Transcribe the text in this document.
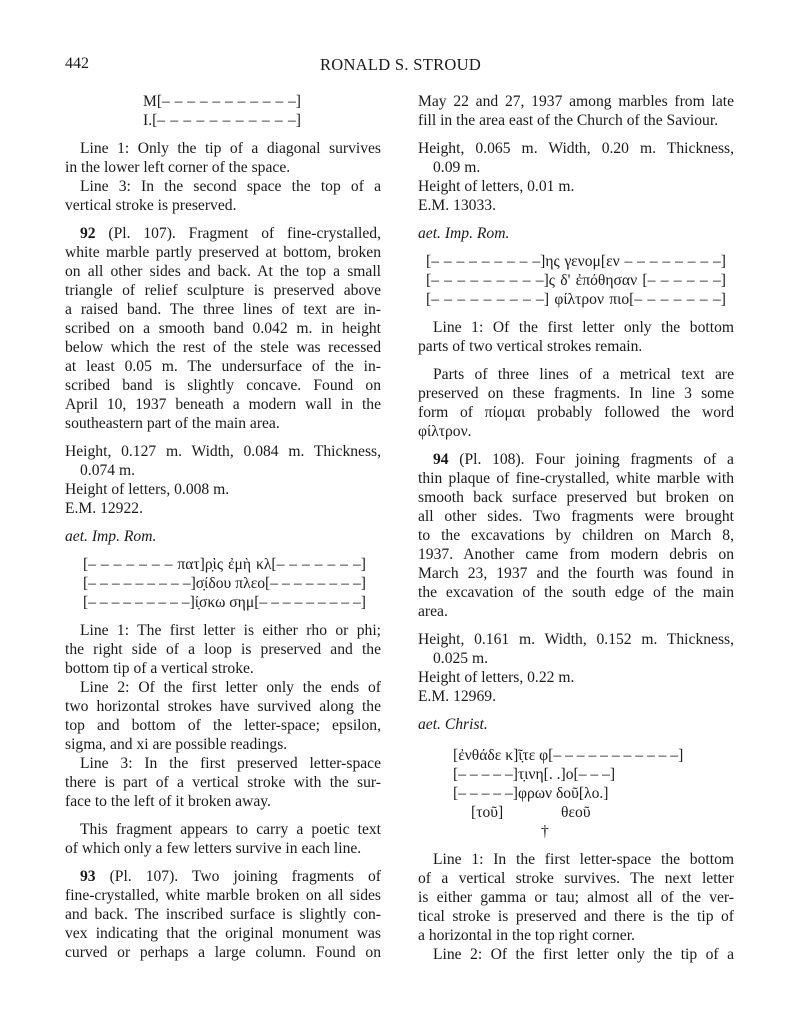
442	RONALD S. STROUD
M[– – – – – – – – – – –]
I.[– – – – – – – – – – –]
Line 1: Only the tip of a diagonal survives
in the lower left corner of the space.
Line 3: In the second space the top of a
vertical stroke is preserved.
92 (Pl. 107). Fragment of fine-crystalled,
white marble partly preserved at bottom, broken
on all other sides and back. At the top a small
triangle of relief sculpture is preserved above
a raised band. The three lines of text are in-
scribed on a smooth band 0.042 m. in height
below which the rest of the stele was recessed
at least 0.05 m. The undersurface of the in-
scribed band is slightly concave. Found on
April 10, 1937 beneath a modern wall in the
southeastern part of the main area.
Height, 0.127 m. Width, 0.084 m. Thickness,
0.074 m.
Height of letters, 0.008 m.
E.M. 12922.
aet. Imp. Rom.
[– – – – – – – πατ]ρ̣ὶς ἐμὴ κλ[– – – – – – –]
[– – – – – – – – –]σ̣ίδου πλεο[– – – – – – – –]
[– – – – – – – – –]ί̣σκω σημ[– – – – – – – – –]
Line 1: The first letter is either rho or phi;
the right side of a loop is preserved and the
bottom tip of a vertical stroke.
Line 2: Of the first letter only the ends of
two horizontal strokes have survived along the
top and bottom of the letter-space; epsilon,
sigma, and xi are possible readings.
Line 3: In the first preserved letter-space
there is part of a vertical stroke with the sur-
face to the left of it broken away.
This fragment appears to carry a poetic text
of which only a few letters survive in each line.
93 (Pl. 107). Two joining fragments of
fine-crystalled, white marble broken on all sides
and back. The inscribed surface is slightly con-
vex indicating that the original monument was
curved or perhaps a large column. Found on
May 22 and 27, 1937 among marbles from late
fill in the area east of the Church of the Saviour.
Height, 0.065 m. Width, 0.20 m. Thickness,
0.09 m.
Height of letters, 0.01 m.
E.M. 13033.
aet. Imp. Rom.
[– – – – – – – – –]ης γενομ[εν – – – – – – – –]
[– – – – – – – – –]ς δ' ἐπόθησαν [– – – – – –]
[– – – – – – – – –] φίλτρον πιο[– – – – – – –]
Line 1: Of the first letter only the bottom
parts of two vertical strokes remain.
Parts of three lines of a metrical text are
preserved on these fragments. In line 3 some
form of πίομαι probably followed the word
φίλτρον.
94 (Pl. 108). Four joining fragments of a
thin plaque of fine-crystalled, white marble with
smooth back surface preserved but broken on
all other sides. Two fragments were brought
to the excavations by children on March 8,
1937. Another came from modern debris on
March 23, 1937 and the fourth was found in
the excavation of the south edge of the main
area.
Height, 0.161 m. Width, 0.152 m. Thickness,
0.025 m.
Height of letters, 0.22 m.
E.M. 12969.
aet. Christ.
[ἐνθάδε κ]ῖ̣τε φ[– – – – – – – – – – –]
[– – – – –]τ̣ινη[. .]ο[– – –]
[– – – – –]φρων δοῦ[λο.]
[τοῦ]	θεοῦ
†
Line 1: In the first letter-space the bottom
of a vertical stroke survives. The next letter
is either gamma or tau; almost all of the ver-
tical stroke is preserved and there is the tip of
a horizontal in the top right corner.
Line 2: Of the first letter only the tip of a
